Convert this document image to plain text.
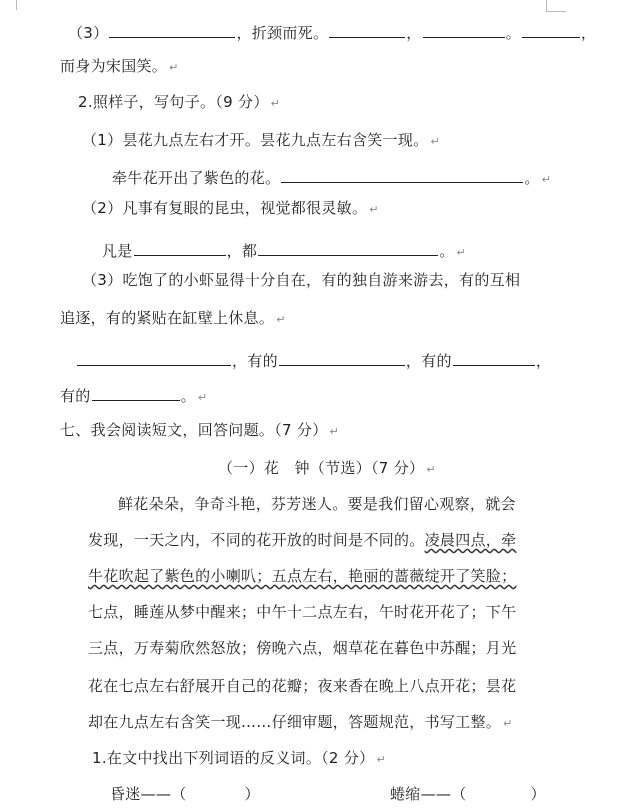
（3）	，折颈而死。	，	。	，
而身为宋国笑。 ↵
2.照样子，写句子。（9 分） ↵
（1）昙花九点左右才开。昙花九点左右含笑一现。 ↵
牵牛花开出了紫色的花。	。 ↵
（2）凡事有复眼的昆虫，视觉都很灵敏。 ↵
凡是	，都	。 ↵
（3）吃饱了的小虾显得十分自在，有的独自游来游去，有的互相
追逐，有的紧贴在缸壁上休息。 ↵
，有的	，有的	，
有的	。 ↵
七、我会阅读短文，回答问题。（7 分） ↵
（一）花　钟（节选）（7 分） ↵
鲜花朵朵，争奇斗艳，芬芳迷人。要是我们留心观察，就会
发现，一天之内，不同的花开放的时间是不同的。凌晨四点，牵
牛花吹起了紫色的小喇叭；五点左右，艳丽的蔷薇绽开了笑脸；
七点，睡莲从梦中醒来；中午十二点左右，午时花开花了；下午
三点，万寿菊欣然怒放；傍晚六点，烟草花在暮色中苏醒；月光
花在七点左右舒展开自己的花瓣；夜来香在晚上八点开花；昙花
却在九点左右含笑一现……仔细审题，答题规范，书写工整。 ↵
1.在文中找出下列词语的反义词。（2 分） ↵
昏迷——（	）	蜷缩——（	）
